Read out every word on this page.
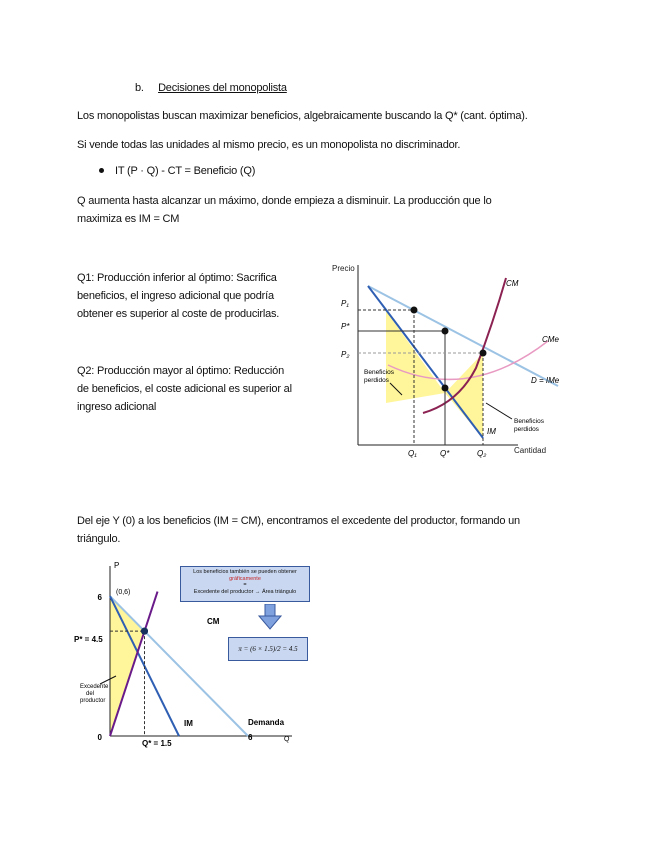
b. Decisiones del monopolista
Los monopolistas buscan maximizar beneficios, algebraicamente buscando la Q* (cant. óptima).
Si vende todas las unidades al mismo precio, es un monopolista no discriminador.
IT (P · Q) - CT = Beneficio (Q)
Q aumenta hasta alcanzar un máximo, donde empieza a disminuir. La producción que lo
maximiza es IM = CM
Q1: Producción inferior al óptimo: Sacrifica
beneficios, el ingreso adicional que podría
obtener es superior al coste de producirlas.
Q2: Producción mayor al óptimo: Reducción
de beneficios, el coste adicional es superior al
ingreso adicional
Precio
Cantidad
P₁
P*
P₂
Q₁	Q*	Q₂
CM
CMe
D = IMe
IM
Beneficios
perdidos
Beneficios
perdidos
Del eje Y (0) a los beneficios (IM = CM), encontramos el excedente del productor, formando un
triángulo.
P
Q
(0,6)
6
P* = 4.5
0
Q* = 1.5
6
CM
IM	Demanda
Excedente
del
productor
Los beneficios también se pueden obtener
gráficamente
=
Excedente del productor → Área triángulo
π = (6 × 1.5)/2 = 4.5
